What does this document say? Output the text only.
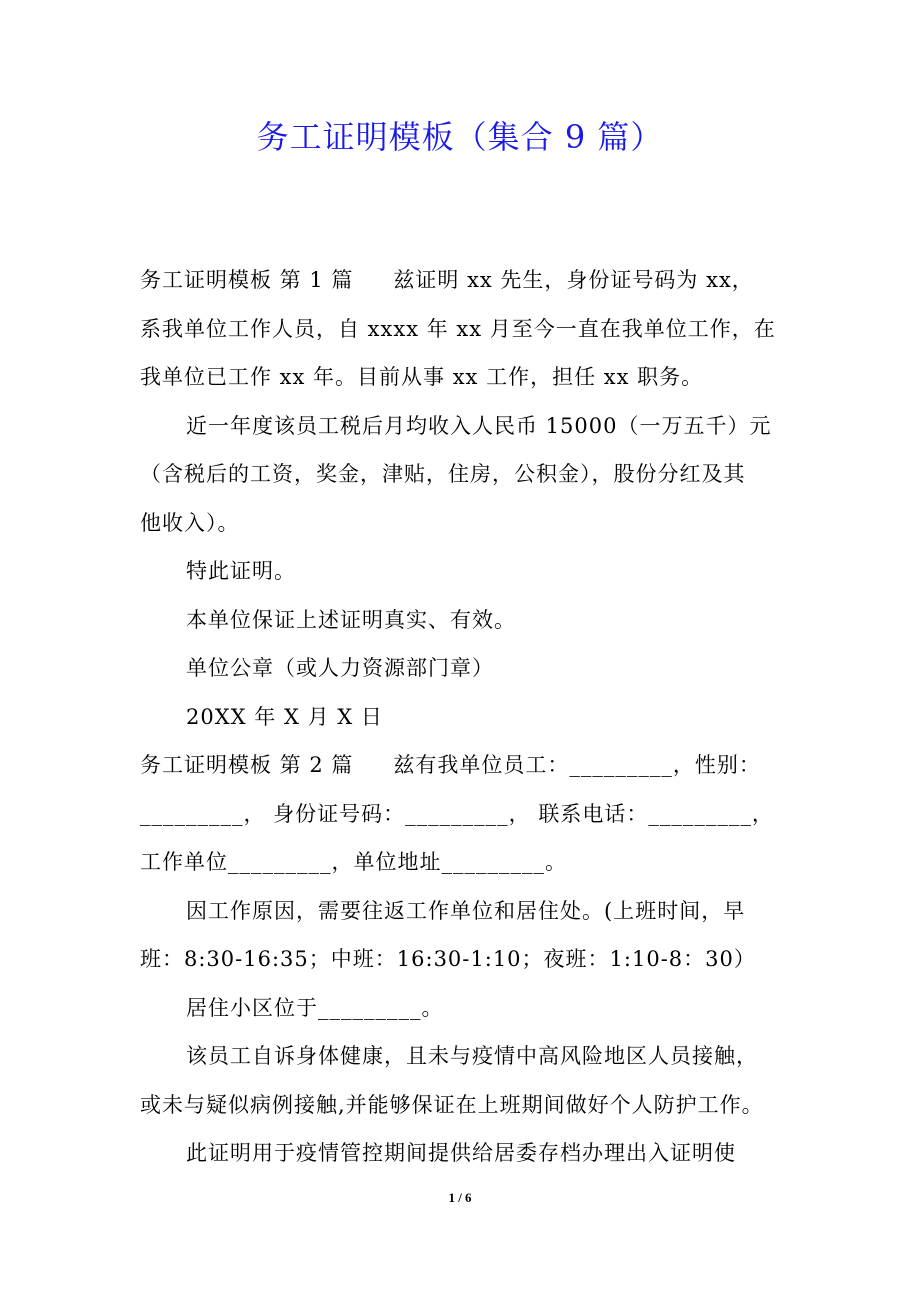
务工证明模板（集合 9 篇）
务工证明模板 第 1 篇 兹证明 xx 先生，身份证号码为 xx，
系我单位工作人员，自 xxxx 年 xx 月至今一直在我单位工作，在
我单位已工作 xx 年。目前从事 xx 工作，担任 xx 职务。
近一年度该员工税后月均收入人民币 15000（一万五千）元
（含税后的工资，奖金，津贴，住房，公积金），股份分红及其
他收入）。
特此证明。
本单位保证上述证明真实、有效。
单位公章（或人力资源部门章）
20XX 年 X 月 X 日
务工证明模板 第 2 篇 兹有我单位员工：_________，性别：
_________， 身份证号码：_________， 联系电话：_________，
工作单位_________，单位地址_________。
因工作原因，需要往返工作单位和居住处。(上班时间，早
班：8:30-16:35；中班：16:30-1:10；夜班：1:10-8：30）
居住小区位于_________。
该员工自诉身体健康，且未与疫情中高风险地区人员接触，
或未与疑似病例接触,并能够保证在上班期间做好个人防护工作。
此证明用于疫情管控期间提供给居委存档办理出入证明使
1 / 6
